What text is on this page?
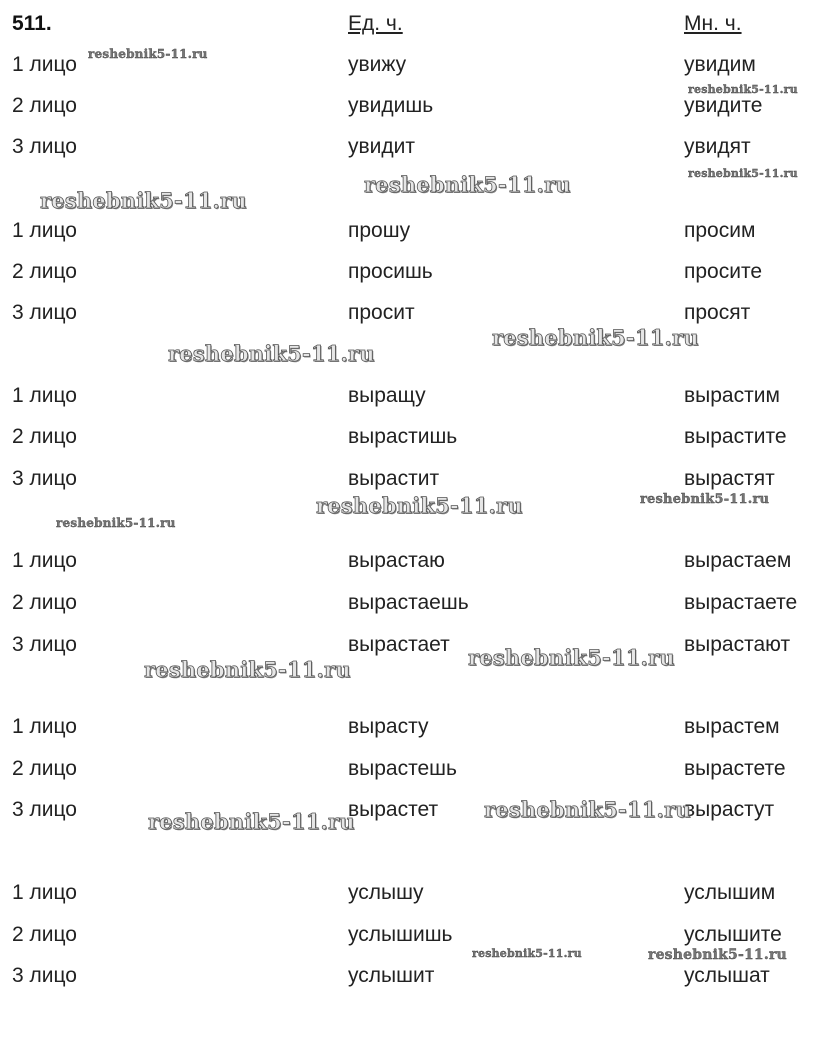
511.	Ед. ч.	Мн. ч.
1 лицо	увижу	увидим
2 лицо	увидишь	увидите
3 лицо	увидит	увидят
1 лицо	прошу	просим
2 лицо	просишь	просите
3 лицо	просит	просят
1 лицо	выращу	вырастим
2 лицо	вырастишь	вырастите
3 лицо	вырастит	вырастят
1 лицо	вырастаю	вырастаем
2 лицо	вырастаешь	вырастаете
3 лицо	вырастает	вырастают
1 лицо	вырасту	вырастем
2 лицо	вырастешь	вырастете
3 лицо	вырастет	вырастут
1 лицо	услышу	услышим
2 лицо	услышишь	услышите
3 лицо	услышит	услышат
reshebnik5-11.ru
reshebnik5-11.ru
reshebnik5-11.ru
reshebnik5-11.ru
reshebnik5-11.ru
reshebnik5-11.ru
reshebnik5-11.ru
reshebnik5-11.ru	reshebnik5-11.ru
reshebnik5-11.ru
reshebnik5-11.ru
reshebnik5-11.ru
reshebnik5-11.ru
reshebnik5-11.ru
reshebnik5-11.ru	reshebnik5-11.ru
